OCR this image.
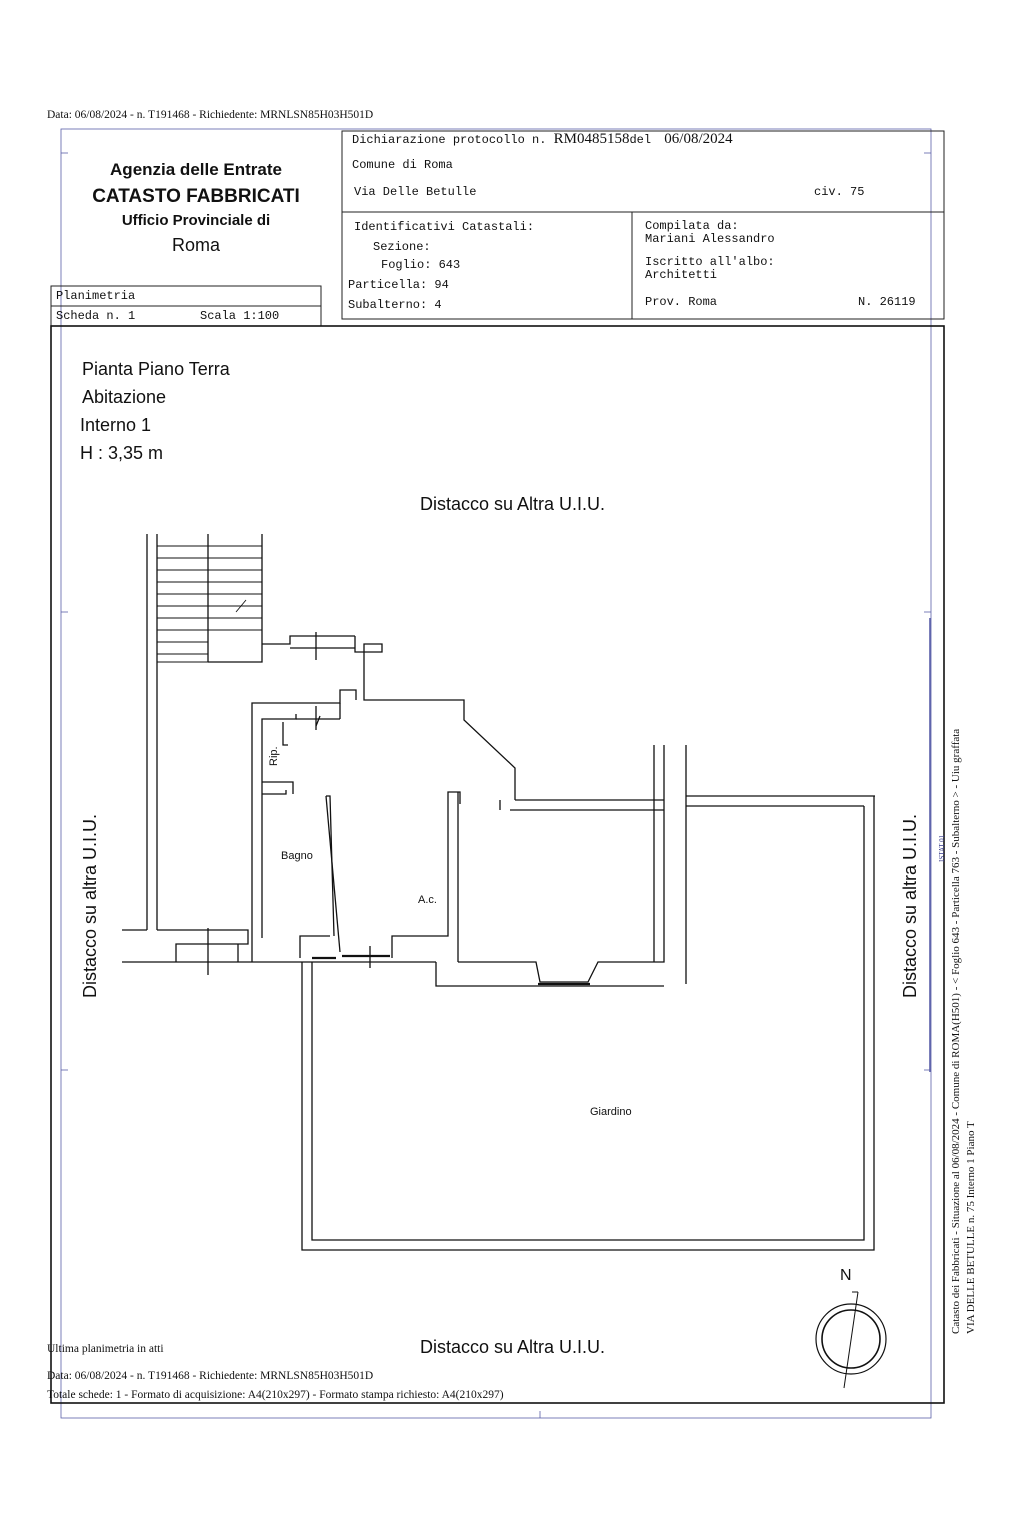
Data: 06/08/2024 - n. T191468 - Richiedente: MRNLSN85H03H501D
Agenzia delle Entrate
CATASTO FABBRICATI
Ufficio Provinciale di
Roma
Dichiarazione protocollo n. RM0485158del 06/08/2024
Comune di Roma
Via Delle Betulle	civ. 75
Identificativi Catastali:
Sezione:
Foglio: 643
Particella: 94
Subalterno: 4
Compilata da:
Mariani Alessandro
Iscritto all'albo:
Architetti
Prov. Roma	N. 26119
Planimetria
Scheda n. 1	Scala 1:100
Pianta Piano Terra
Abitazione
Interno 1
H : 3,35 m
Distacco su Altra U.I.U.
Distacco su Altra U.I.U.
Distacco su altra U.I.U.	Distacco su altra U.I.U.
Rip.
Bagno
A.c.
Giardino
N
ISTAT 01
Ultima planimetria in atti
Data: 06/08/2024 - n. T191468 - Richiedente: MRNLSN85H03H501D
Totale schede: 1 - Formato di acquisizione: A4(210x297) - Formato stampa richiesto: A4(210x297)
Catasto dei Fabbricati - Situazione al 06/08/2024 - Comune di ROMA(H501) - < Foglio 643 - Particella 763 - Subalterno > - Uiu graffata VIA DELLE BETULLE n. 75 Interno 1 Piano T
